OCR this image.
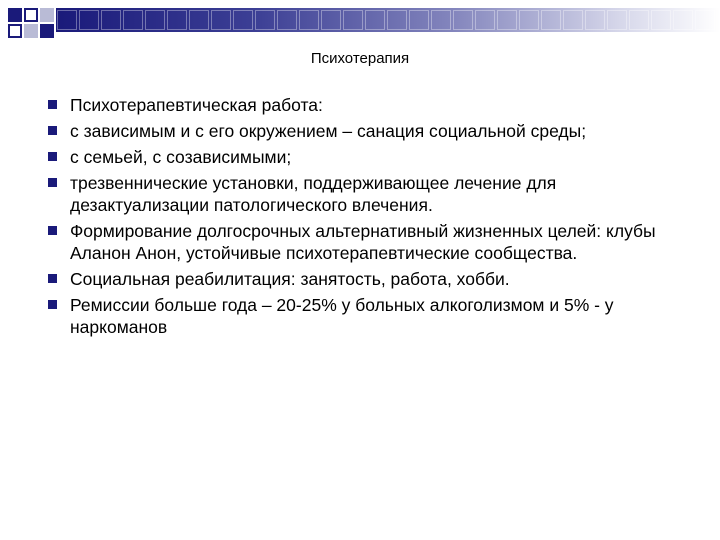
Психотерапия
Психотерапевтическая работа:
с зависимым и с его окружением – санация социальной среды;
с семьей, с созависимыми;
трезвеннические установки, поддерживающее лечение для дезактуализации патологического влечения.
Формирование долгосрочных альтернативный жизненных целей: клубы Аланон Анон, устойчивые психотерапевтические сообщества.
Социальная реабилитация: занятость, работа, хобби.
Ремиссии больше года – 20-25% у больных алкоголизмом и 5% - у наркоманов
